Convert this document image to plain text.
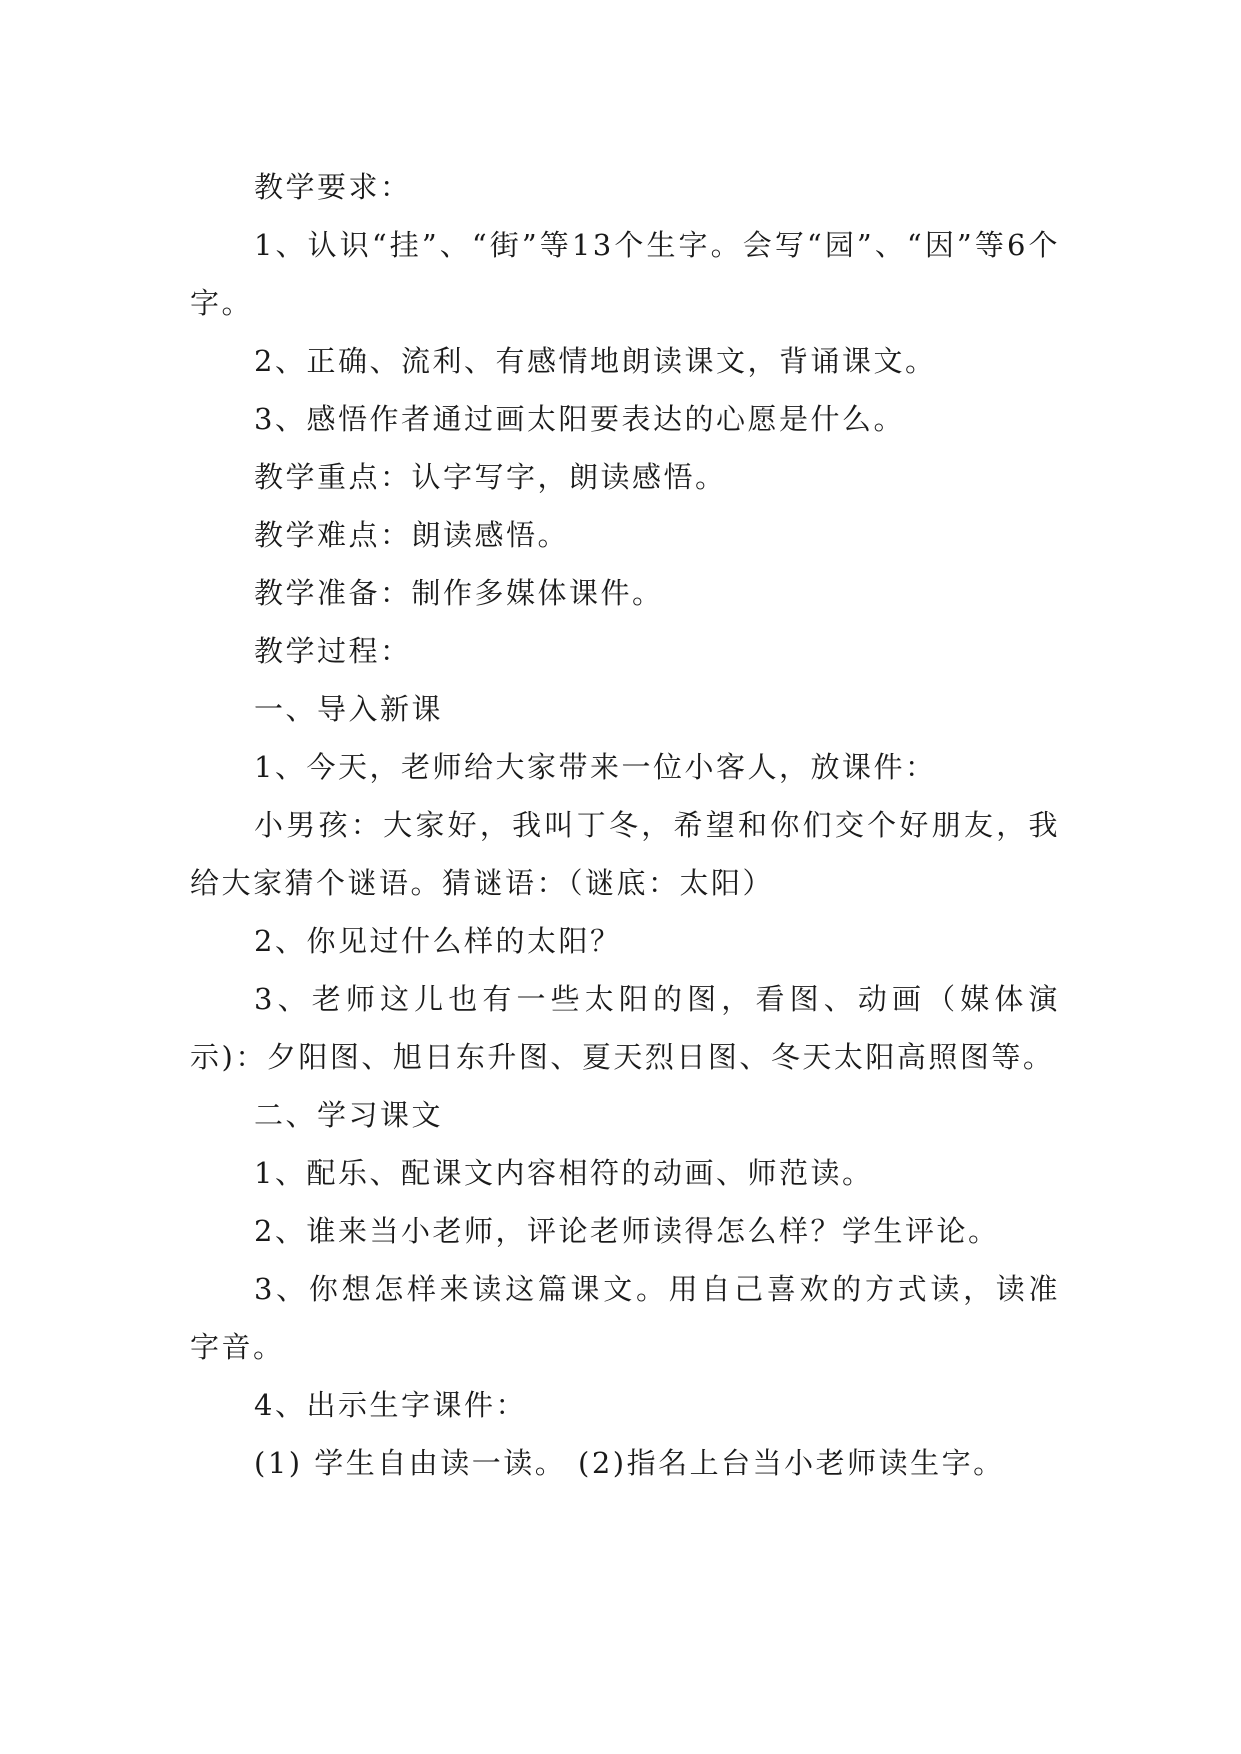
教学要求：

1、认识“挂”、“街”等13个生字。会写“园”、“因”等6个字。

2、正确、流利、有感情地朗读课文，背诵课文。

3、感悟作者通过画太阳要表达的心愿是什么。

教学重点：认字写字，朗读感悟。

教学难点：朗读感悟。

教学准备：制作多媒体课件。

教学过程：

一、导入新课

1、今天，老师给大家带来一位小客人，放课件：

小男孩：大家好，我叫丁冬，希望和你们交个好朋友，我给大家猜个谜语。猜谜语：（谜底：太阳）

2、你见过什么样的太阳？

3、老师这儿也有一些太阳的图，看图、动画（媒体演示)：夕阳图、旭日东升图、夏天烈日图、冬天太阳高照图等。

二、学习课文

1、配乐、配课文内容相符的动画、师范读。

2、谁来当小老师，评论老师读得怎么样？学生评论。

3、你想怎样来读这篇课文。用自己喜欢的方式读，读准字音。

4、出示生字课件：

(1) 学生自由读一读。 (2)指名上台当小老师读生字。
